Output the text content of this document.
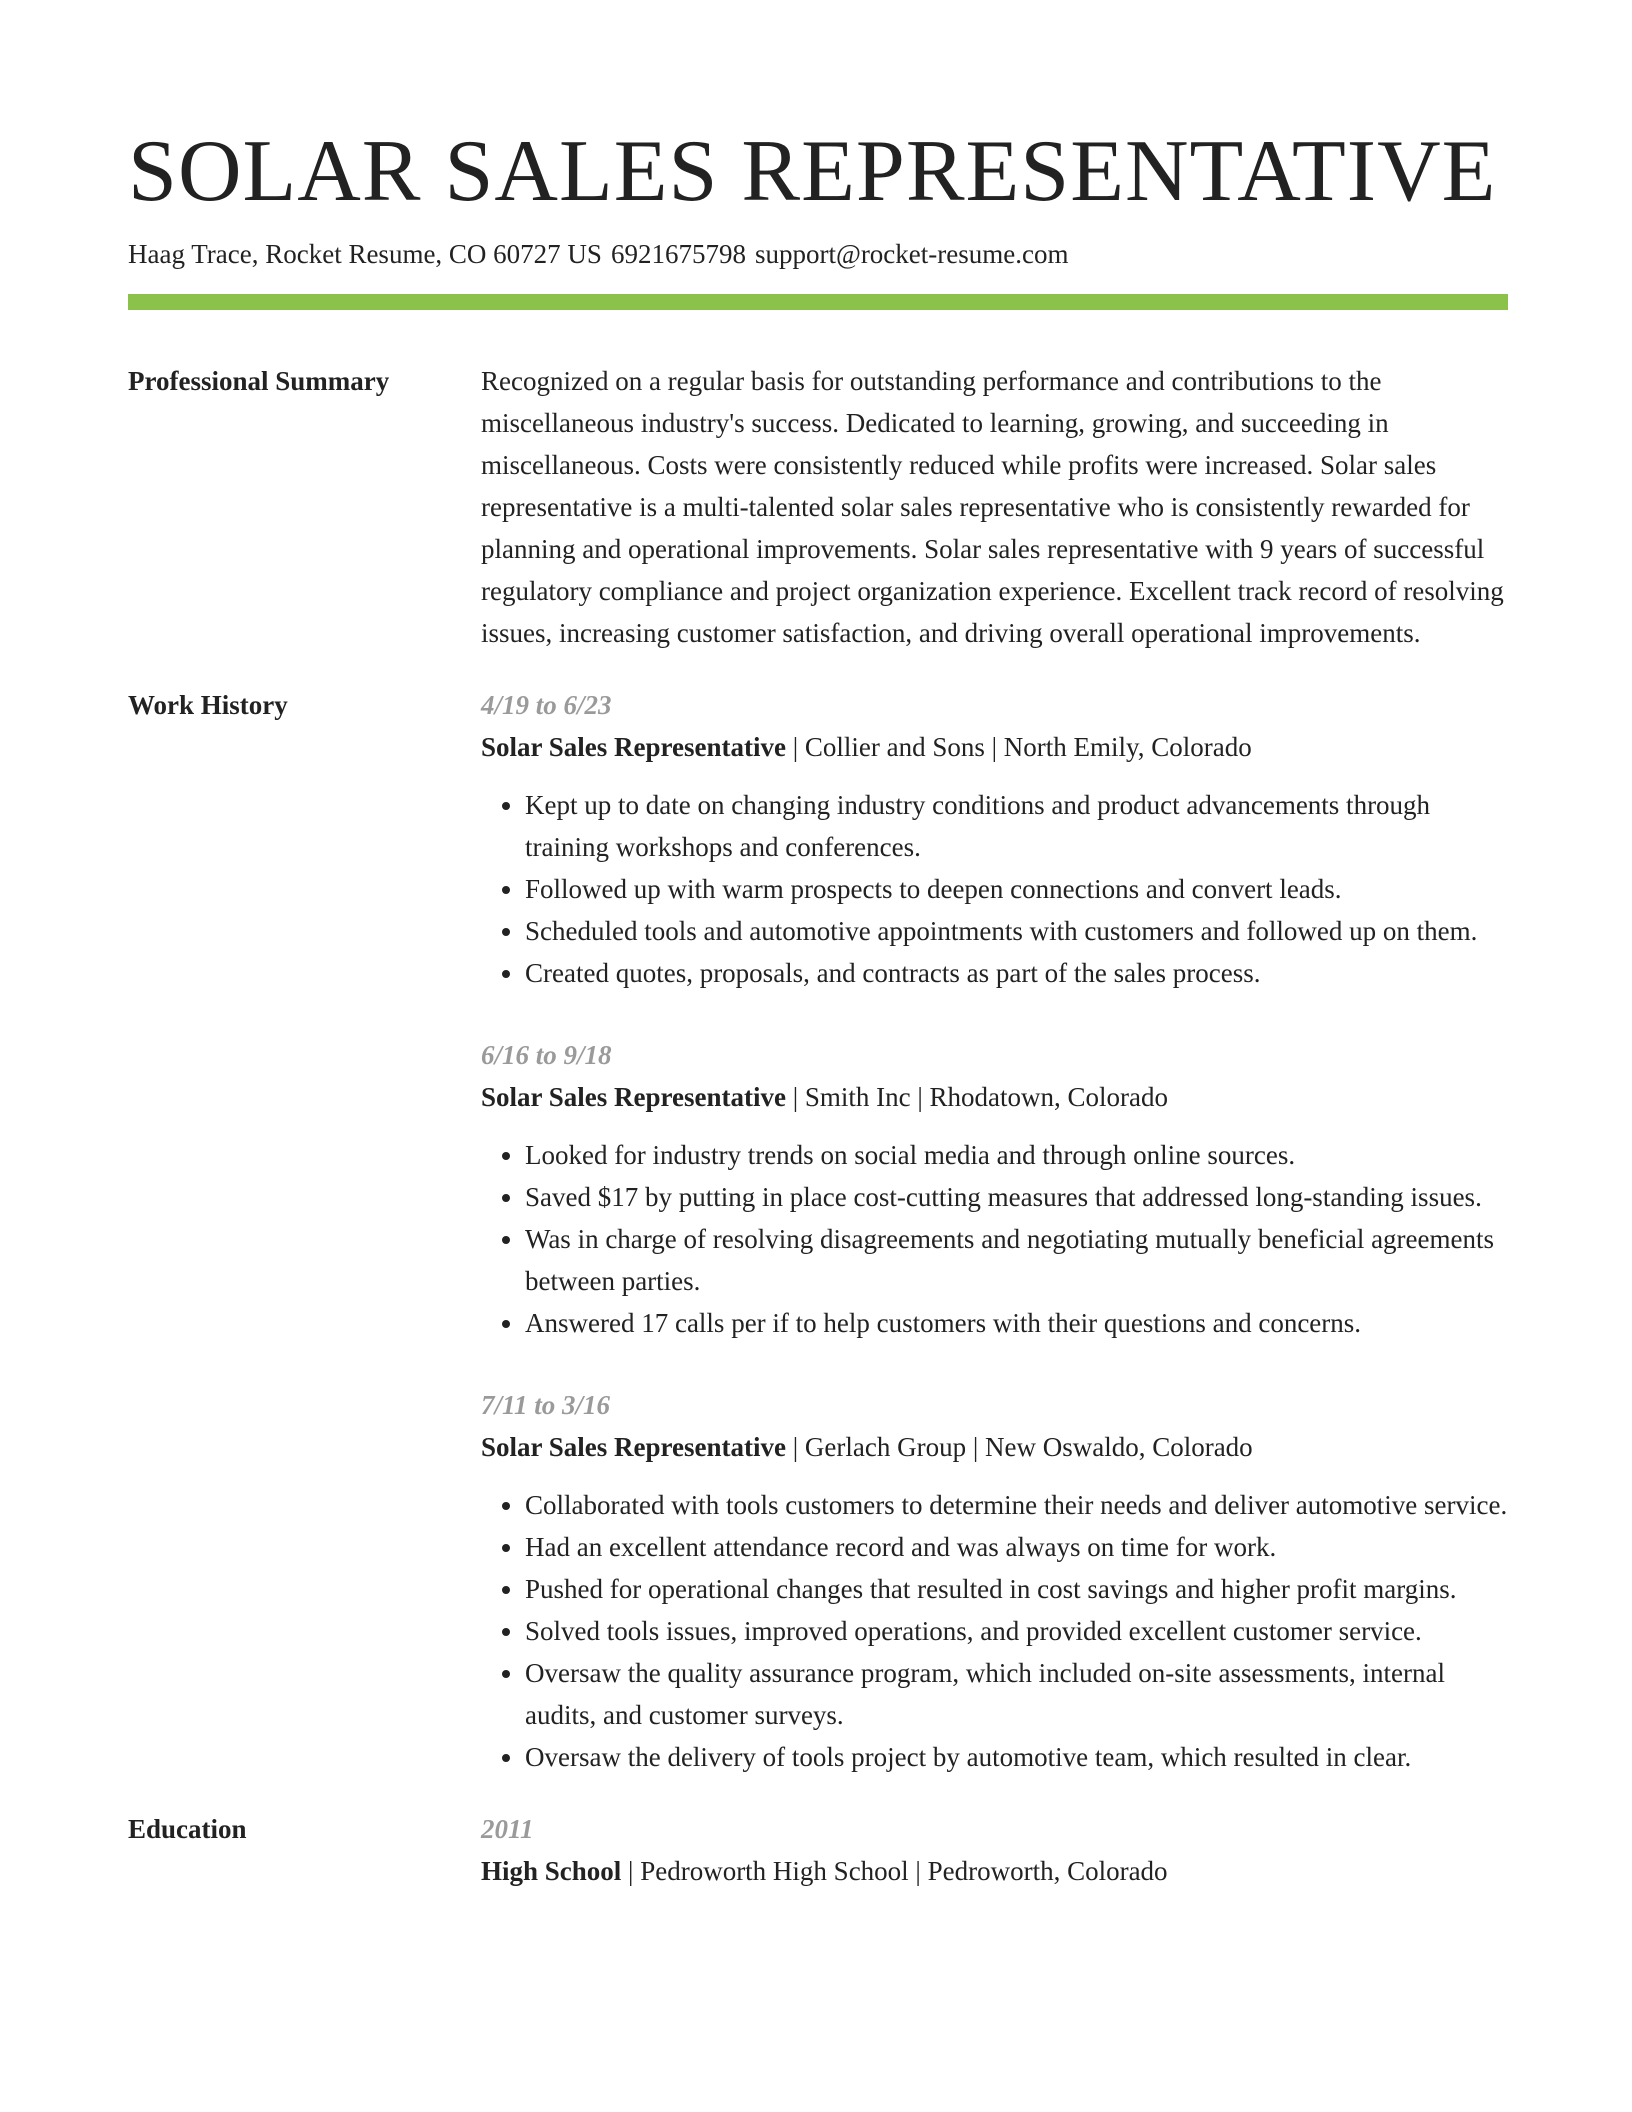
SOLAR SALES REPRESENTATIVE
Haag Trace, Rocket Resume, CO 60727 US 6921675798 support@rocket-resume.com
Professional Summary	Recognized on a regular basis for outstanding performance and contributions to the miscellaneous industry's success. Dedicated to learning, growing, and succeeding in miscellaneous. Costs were consistently reduced while profits were increased. Solar sales representative is a multi-talented solar sales representative who is consistently rewarded for planning and operational improvements. Solar sales representative with 9 years of successful regulatory compliance and project organization experience. Excellent track record of resolving issues, increasing customer satisfaction, and driving overall operational improvements.

Work History	4/19 to 6/23
Solar Sales Representative | Collier and Sons | North Emily, Colorado
• Kept up to date on changing industry conditions and product advancements through training workshops and conferences.
• Followed up with warm prospects to deepen connections and convert leads.
• Scheduled tools and automotive appointments with customers and followed up on them.
• Created quotes, proposals, and contracts as part of the sales process.
6/16 to 9/18
Solar Sales Representative | Smith Inc | Rhodatown, Colorado
• Looked for industry trends on social media and through online sources.
• Saved $17 by putting in place cost-cutting measures that addressed long-standing issues.
• Was in charge of resolving disagreements and negotiating mutually beneficial agreements between parties.
• Answered 17 calls per if to help customers with their questions and concerns.
7/11 to 3/16
Solar Sales Representative | Gerlach Group | New Oswaldo, Colorado
• Collaborated with tools customers to determine their needs and deliver automotive service.
• Had an excellent attendance record and was always on time for work.
• Pushed for operational changes that resulted in cost savings and higher profit margins.
• Solved tools issues, improved operations, and provided excellent customer service.
• Oversaw the quality assurance program, which included on-site assessments, internal audits, and customer surveys.
• Oversaw the delivery of tools project by automotive team, which resulted in clear.
Education	2011
High School | Pedroworth High School | Pedroworth, Colorado
